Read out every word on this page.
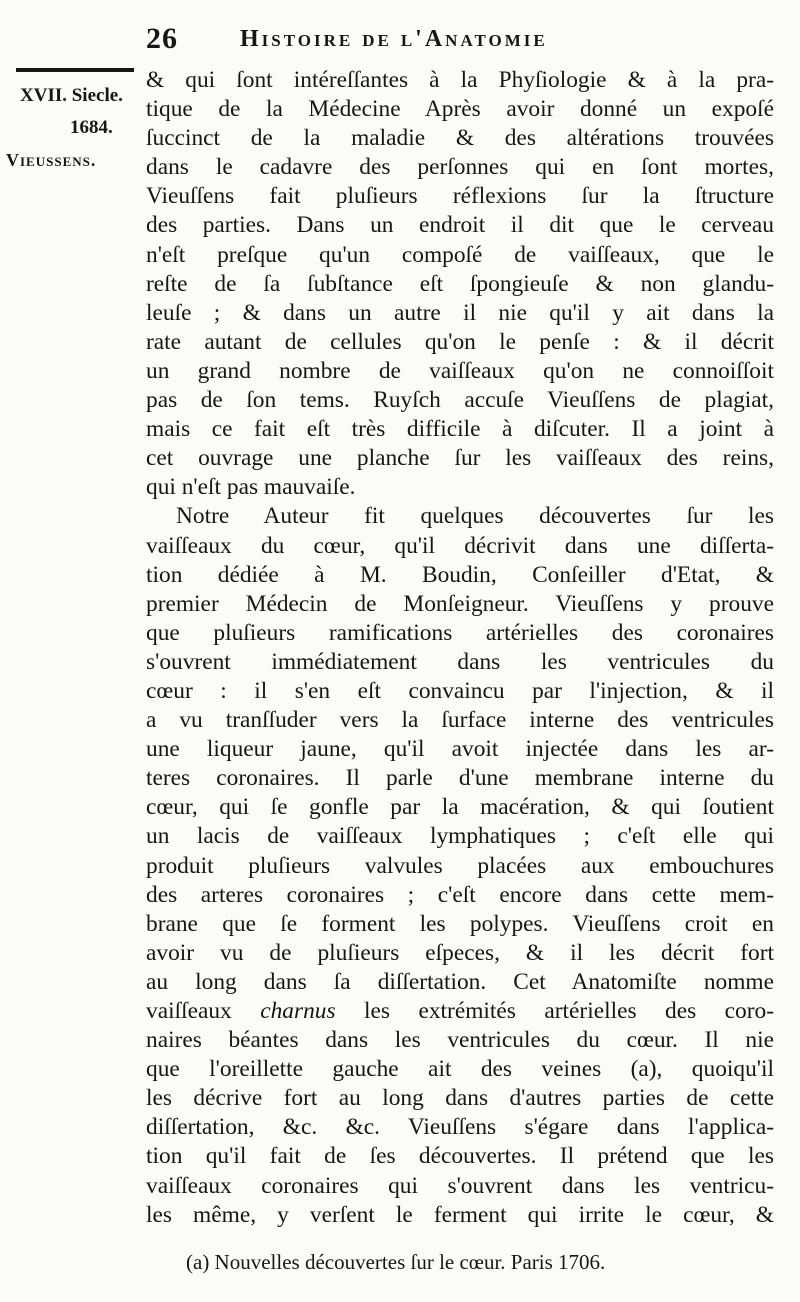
26	Histoire de l'Anatomie
XVII. Siecle.
1684.
Vieussens.
& qui ſont intéreſſantes à la Phyſiologie & à la pra-
tique de la Médecine Après avoir donné un expoſé
ſuccinct de la maladie & des altérations trouvées
dans le cadavre des perſonnes qui en ſont mortes,
Vieuſſens fait pluſieurs réflexions ſur la ſtructure
des parties. Dans un endroit il dit que le cerveau
n'eſt preſque qu'un compoſé de vaiſſeaux, que le
reſte de ſa ſubſtance eſt ſpongieuſe & non glandu-
leuſe ; & dans un autre il nie qu'il y ait dans la
rate autant de cellules qu'on le penſe : & il décrit
un grand nombre de vaiſſeaux qu'on ne connoiſſoit
pas de ſon tems. Ruyſch accuſe Vieuſſens de plagiat,
mais ce fait eſt très difficile à diſcuter. Il a joint à
cet ouvrage une planche ſur les vaiſſeaux des reins,
qui n'eſt pas mauvaiſe.
Notre Auteur fit quelques découvertes ſur les
vaiſſeaux du cœur, qu'il décrivit dans une diſſerta-
tion dédiée à M. Boudin, Conſeiller d'Etat, &
premier Médecin de Monſeigneur. Vieuſſens y prouve
que pluſieurs ramifications artérielles des coronaires
s'ouvrent immédiatement dans les ventricules du
cœur : il s'en eſt convaincu par l'injection, & il
a vu tranſſuder vers la ſurface interne des ventricules
une liqueur jaune, qu'il avoit injectée dans les ar-
teres coronaires. Il parle d'une membrane interne du
cœur, qui ſe gonfle par la macération, & qui ſoutient
un lacis de vaiſſeaux lymphatiques ; c'eſt elle qui
produit pluſieurs valvules placées aux embouchures
des arteres coronaires ; c'eſt encore dans cette mem-
brane que ſe forment les polypes. Vieuſſens croit en
avoir vu de pluſieurs eſpeces, & il les décrit fort
au long dans ſa diſſertation. Cet Anatomiſte nomme
vaiſſeaux charnus les extrémités artérielles des coro-
naires béantes dans les ventricules du cœur. Il nie
que l'oreillette gauche ait des veines (a), quoiqu'il
les décrive fort au long dans d'autres parties de cette
diſſertation, &c. &c. Vieuſſens s'égare dans l'applica-
tion qu'il fait de ſes découvertes. Il prétend que les
vaiſſeaux coronaires qui s'ouvrent dans les ventricu-
les même, y verſent le ferment qui irrite le cœur, &
(a) Nouvelles découvertes ſur le cœur. Paris 1706.
